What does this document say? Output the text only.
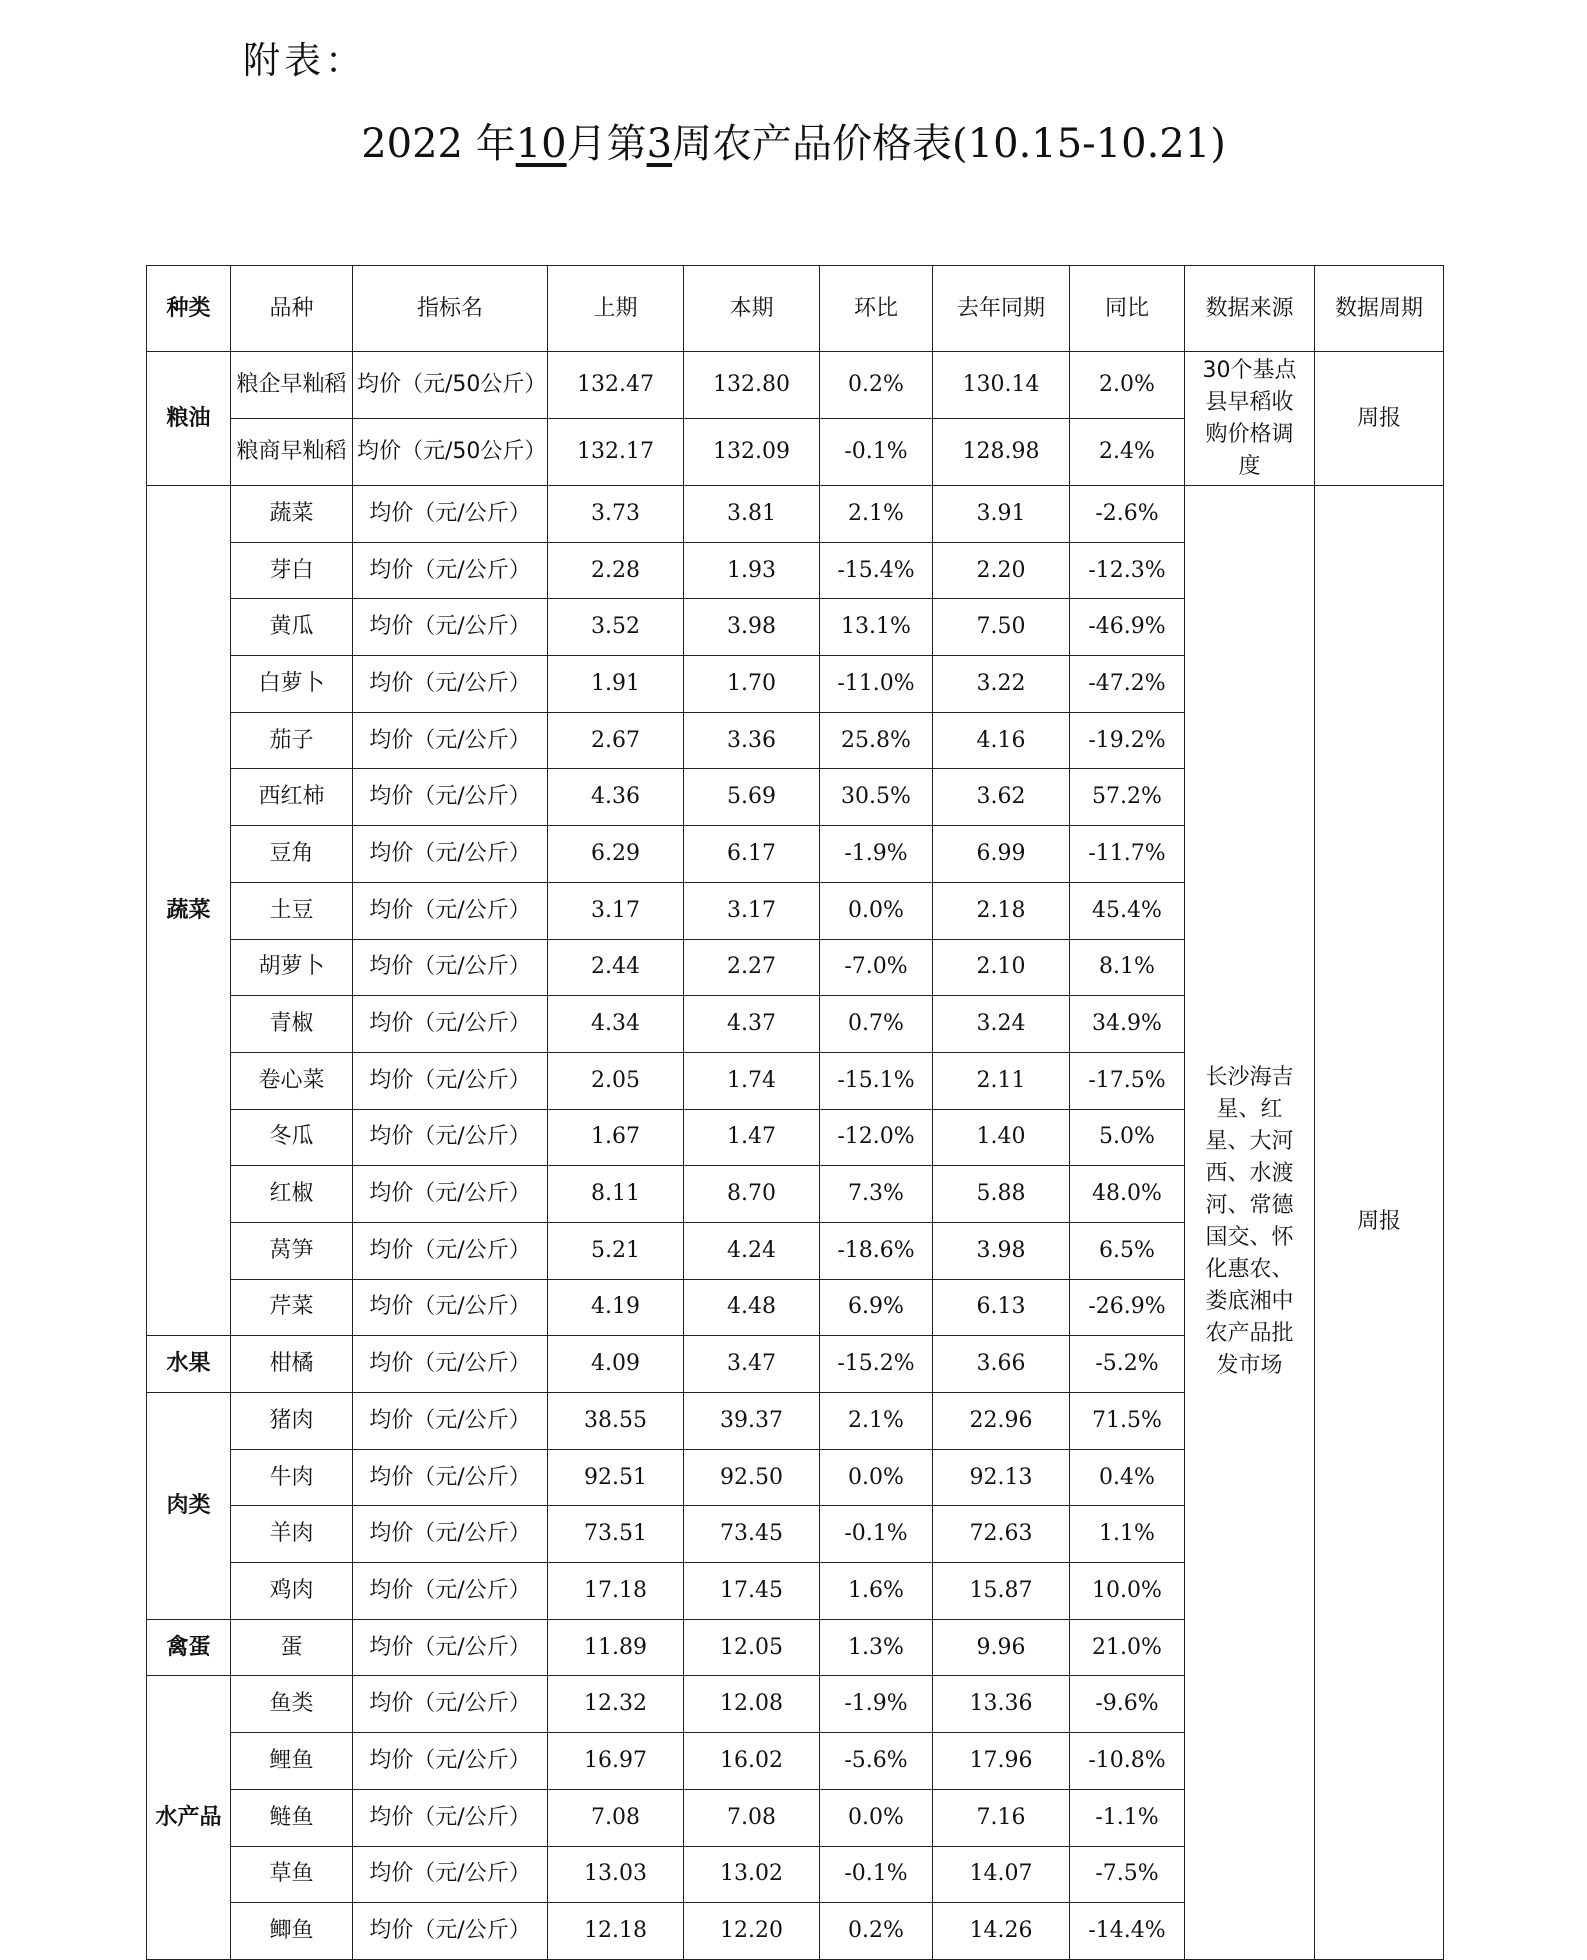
附表：
2022 年10月第3周农产品价格表(10.15-10.21)
种类	品种	指标名	上期	本期	环比	去年同期	同比	数据来源	数据周期
粮油	粮企早籼稻	均价（元/50公斤）	132.47	132.80	0.2%	130.14	2.0%	30个基点县早稻收购价格调度	周报
	粮商早籼稻	均价（元/50公斤）	132.17	132.09	-0.1%	128.98	2.4%		
蔬菜	蔬菜	均价（元/公斤）	3.73	3.81	2.1%	3.91	-2.6%	长沙海吉星、红星、大河西、水渡河、常德国交、怀化惠农、娄底湘中农产品批发市场	周报
	芽白	均价（元/公斤）	2.28	1.93	-15.4%	2.20	-12.3%		
	黄瓜	均价（元/公斤）	3.52	3.98	13.1%	7.50	-46.9%		
	白萝卜	均价（元/公斤）	1.91	1.70	-11.0%	3.22	-47.2%		
	茄子	均价（元/公斤）	2.67	3.36	25.8%	4.16	-19.2%		
	西红柿	均价（元/公斤）	4.36	5.69	30.5%	3.62	57.2%		
	豆角	均价（元/公斤）	6.29	6.17	-1.9%	6.99	-11.7%		
	土豆	均价（元/公斤）	3.17	3.17	0.0%	2.18	45.4%		
	胡萝卜	均价（元/公斤）	2.44	2.27	-7.0%	2.10	8.1%		
	青椒	均价（元/公斤）	4.34	4.37	0.7%	3.24	34.9%		
	卷心菜	均价（元/公斤）	2.05	1.74	-15.1%	2.11	-17.5%		
	冬瓜	均价（元/公斤）	1.67	1.47	-12.0%	1.40	5.0%		
	红椒	均价（元/公斤）	8.11	8.70	7.3%	5.88	48.0%		
	莴笋	均价（元/公斤）	5.21	4.24	-18.6%	3.98	6.5%		
	芹菜	均价（元/公斤）	4.19	4.48	6.9%	6.13	-26.9%		
水果	柑橘	均价（元/公斤）	4.09	3.47	-15.2%	3.66	-5.2%		
肉类	猪肉	均价（元/公斤）	38.55	39.37	2.1%	22.96	71.5%		
	牛肉	均价（元/公斤）	92.51	92.50	0.0%	92.13	0.4%		
	羊肉	均价（元/公斤）	73.51	73.45	-0.1%	72.63	1.1%		
	鸡肉	均价（元/公斤）	17.18	17.45	1.6%	15.87	10.0%		
禽蛋	蛋	均价（元/公斤）	11.89	12.05	1.3%	9.96	21.0%		
水产品	鱼类	均价（元/公斤）	12.32	12.08	-1.9%	13.36	-9.6%		
	鲤鱼	均价（元/公斤）	16.97	16.02	-5.6%	17.96	-10.8%		
	鲢鱼	均价（元/公斤）	7.08	7.08	0.0%	7.16	-1.1%		
	草鱼	均价（元/公斤）	13.03	13.02	-0.1%	14.07	-7.5%		
	鲫鱼	均价（元/公斤）	12.18	12.20	0.2%	14.26	-14.4%		
